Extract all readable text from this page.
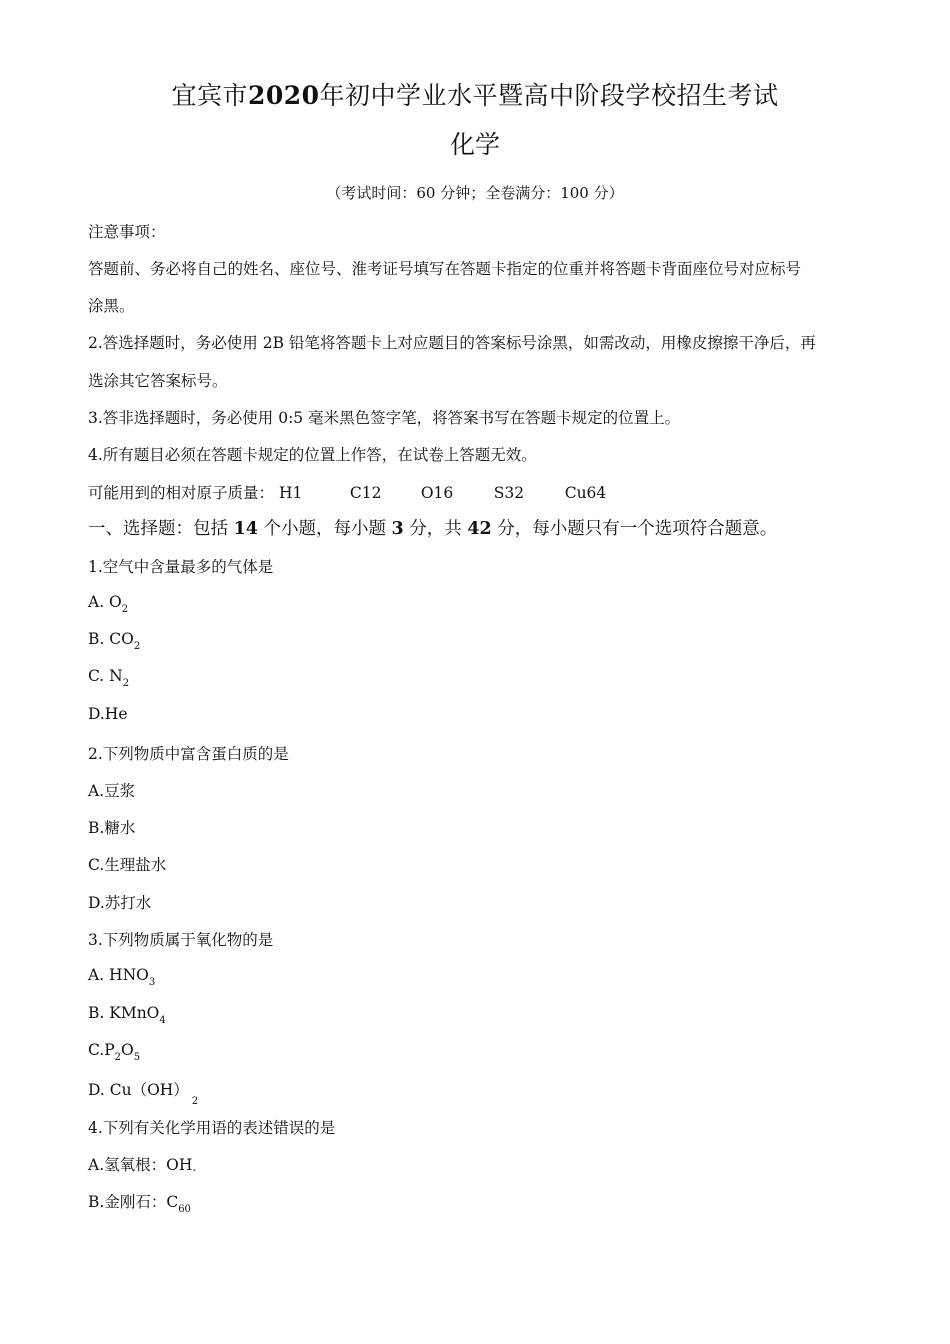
宜宾市2020年初中学业水平暨高中阶段学校招生考试
化学
（考试时间：60 分钟；全卷满分：100 分）
注意事项：
答题前、务必将自己的姓名、座位号、淮考证号填写在答题卡指定的位重并将答题卡背面座位号对应标号
涂黑。
2.答选择题时，务必使用 2B 铅笔将答题卡上对应题目的答案标号涂黑，如需改动，用橡皮擦擦干净后，再
选涂其它答案标号。
3.答非选择题时，务必使用 0:5 毫米黑色签字笔，将答案书写在答题卡规定的位置上。
4.所有题目必须在答题卡规定的位置上作答，在试卷上答题无效。
可能用到的相对原子质量： H1	C12	O16	S32	Cu64
一、选择题：包括 14 个小题，每小题 3 分，共 42 分，每小题只有一个选项符合题意。
1.空气中含量最多的气体是
A. $O_2$
B. $CO_2$
C. $N_2$
D.He
2.下列物质中富含蛋白质的是
A.豆浆
B.糖水
C.生理盐水
D.苏打水
3.下列物质属于氧化物的是
A. $HNO_3$
B. KMnO$_4$
$C.P_2O_5$
D. $Cu(OH)_2$
4.下列有关化学用语的表述错误的是
A.氢氧根：OH-
B.金刚石：$C_{60}$
